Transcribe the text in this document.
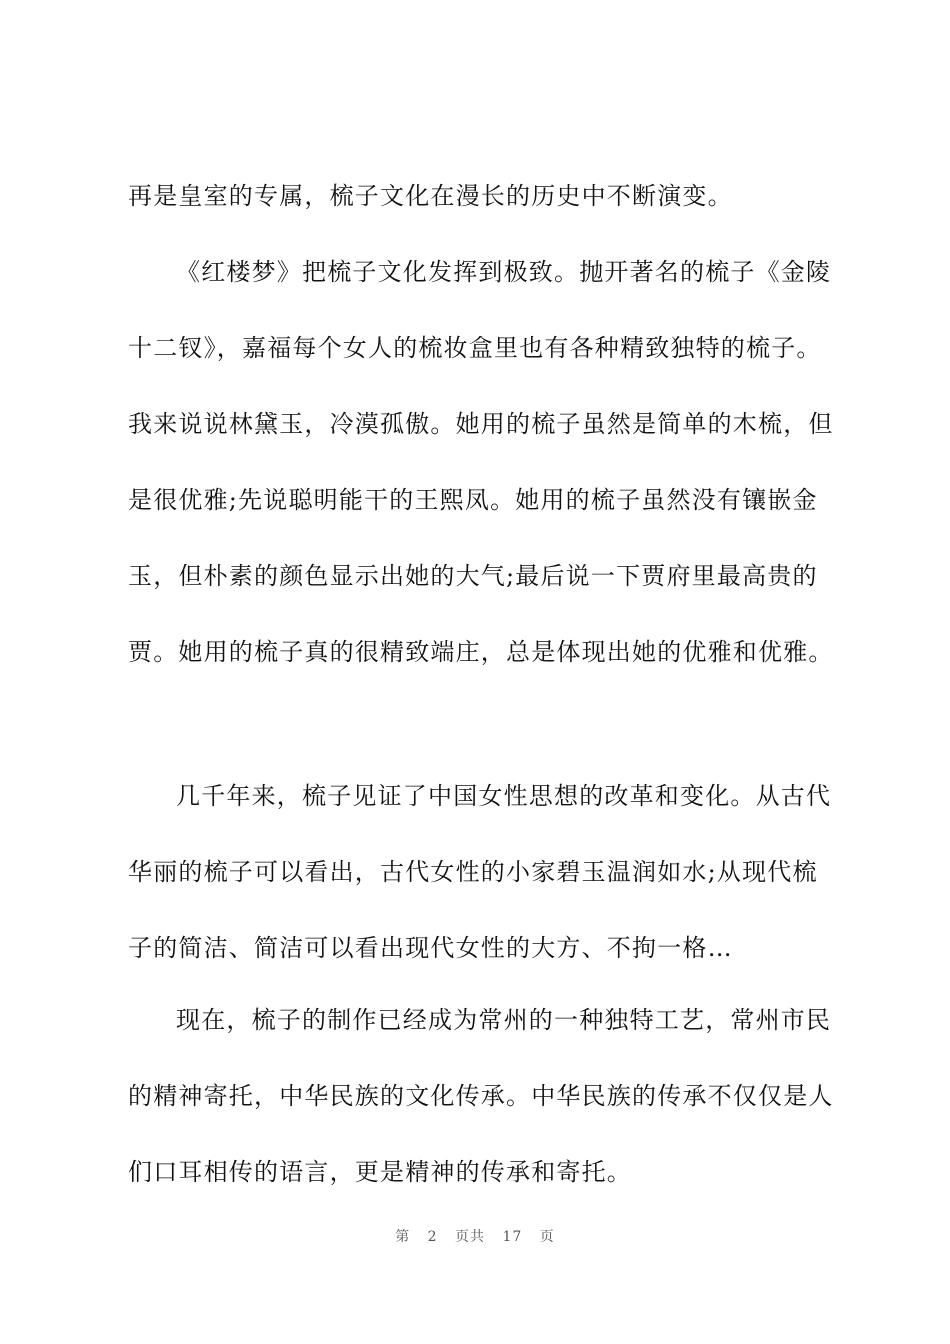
再是皇室的专属，梳子文化在漫长的历史中不断演变。
《红楼梦》把梳子文化发挥到极致。抛开著名的梳子《金陵
十二钗》，嘉福每个女人的梳妆盒里也有各种精致独特的梳子。
我来说说林黛玉，冷漠孤傲。她用的梳子虽然是简单的木梳，但
是很优雅;先说聪明能干的王熙凤。她用的梳子虽然没有镶嵌金
玉，但朴素的颜色显示出她的大气;最后说一下贾府里最高贵的
贾。她用的梳子真的很精致端庄，总是体现出她的优雅和优雅。
几千年来，梳子见证了中国女性思想的改革和变化。从古代
华丽的梳子可以看出，古代女性的小家碧玉温润如水;从现代梳
子的简洁、简洁可以看出现代女性的大方、不拘一格…
现在，梳子的制作已经成为常州的一种独特工艺，常州市民
的精神寄托，中华民族的文化传承。中华民族的传承不仅仅是人
们口耳相传的语言，更是精神的传承和寄托。
第 2 页共 17 页
